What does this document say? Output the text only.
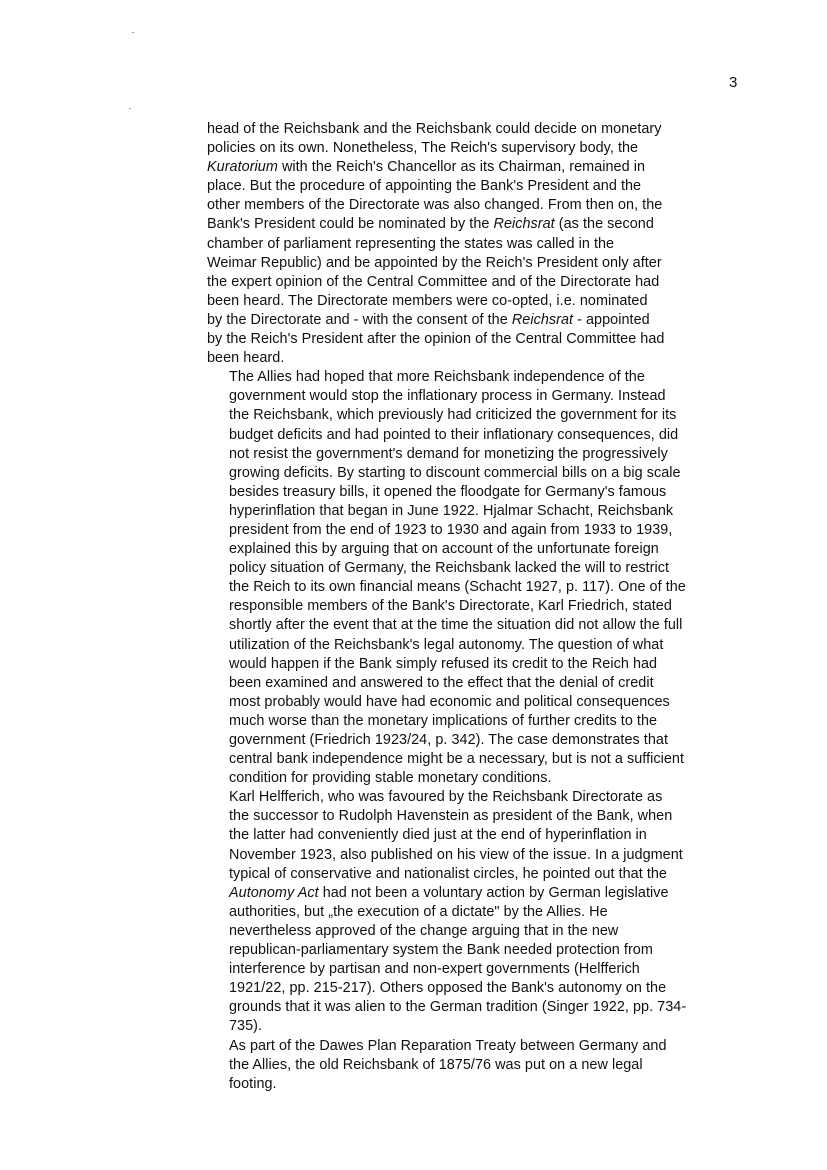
3

head of the Reichsbank and the Reichsbank could decide on monetary
policies on its own. Nonetheless, The Reich's supervisory body, the
Kuratorium with the Reich's Chancellor as its Chairman, remained in
place. But the procedure of appointing the Bank's President and the
other members of the Directorate was also changed. From then on, the
Bank's President could be nominated by the Reichsrat (as the second
chamber of parliament representing the states was called in the
Weimar Republic) and be appointed by the Reich's President only after
the expert opinion of the Central Committee and of the Directorate had
been heard. The Directorate members were co-opted, i.e. nominated
by the Directorate and - with the consent of the Reichsrat - appointed
by the Reich's President after the opinion of the Central Committee had
been heard.

The Allies had hoped that more Reichsbank independence of the
government would stop the inflationary process in Germany. Instead
the Reichsbank, which previously had criticized the government for its
budget deficits and had pointed to their inflationary consequences, did
not resist the government's demand for monetizing the progressively
growing deficits. By starting to discount commercial bills on a big scale
besides treasury bills, it opened the floodgate for Germany's famous
hyperinflation that began in June 1922. Hjalmar Schacht, Reichsbank
president from the end of 1923 to 1930 and again from 1933 to 1939,
explained this by arguing that on account of the unfortunate foreign
policy situation of Germany, the Reichsbank lacked the will to restrict
the Reich to its own financial means (Schacht 1927, p. 117). One of the
responsible members of the Bank's Directorate, Karl Friedrich, stated
shortly after the event that at the time the situation did not allow the full
utilization of the Reichsbank's legal autonomy. The question of what
would happen if the Bank simply refused its credit to the Reich had
been examined and answered to the effect that the denial of credit
most probably would have had economic and political consequences
much worse than the monetary implications of further credits to the
government (Friedrich 1923/24, p. 342). The case demonstrates that
central bank independence might be a necessary, but is not a sufficient
condition for providing stable monetary conditions.

Karl Helfferich, who was favoured by the Reichsbank Directorate as
the successor to Rudolph Havenstein as president of the Bank, when
the latter had conveniently died just at the end of hyperinflation in
November 1923, also published on his view of the issue. In a judgment
typical of conservative and nationalist circles, he pointed out that the
Autonomy Act had not been a voluntary action by German legislative
authorities, but „the execution of a dictate" by the Allies. He
nevertheless approved of the change arguing that in the new
republican-parliamentary system the Bank needed protection from
interference by partisan and non-expert governments (Helfferich
1921/22, pp. 215-217). Others opposed the Bank's autonomy on the
grounds that it was alien to the German tradition (Singer 1922, pp. 734-
735).

As part of the Dawes Plan Reparation Treaty between Germany and
the Allies, the old Reichsbank of 1875/76 was put on a new legal
footing.
